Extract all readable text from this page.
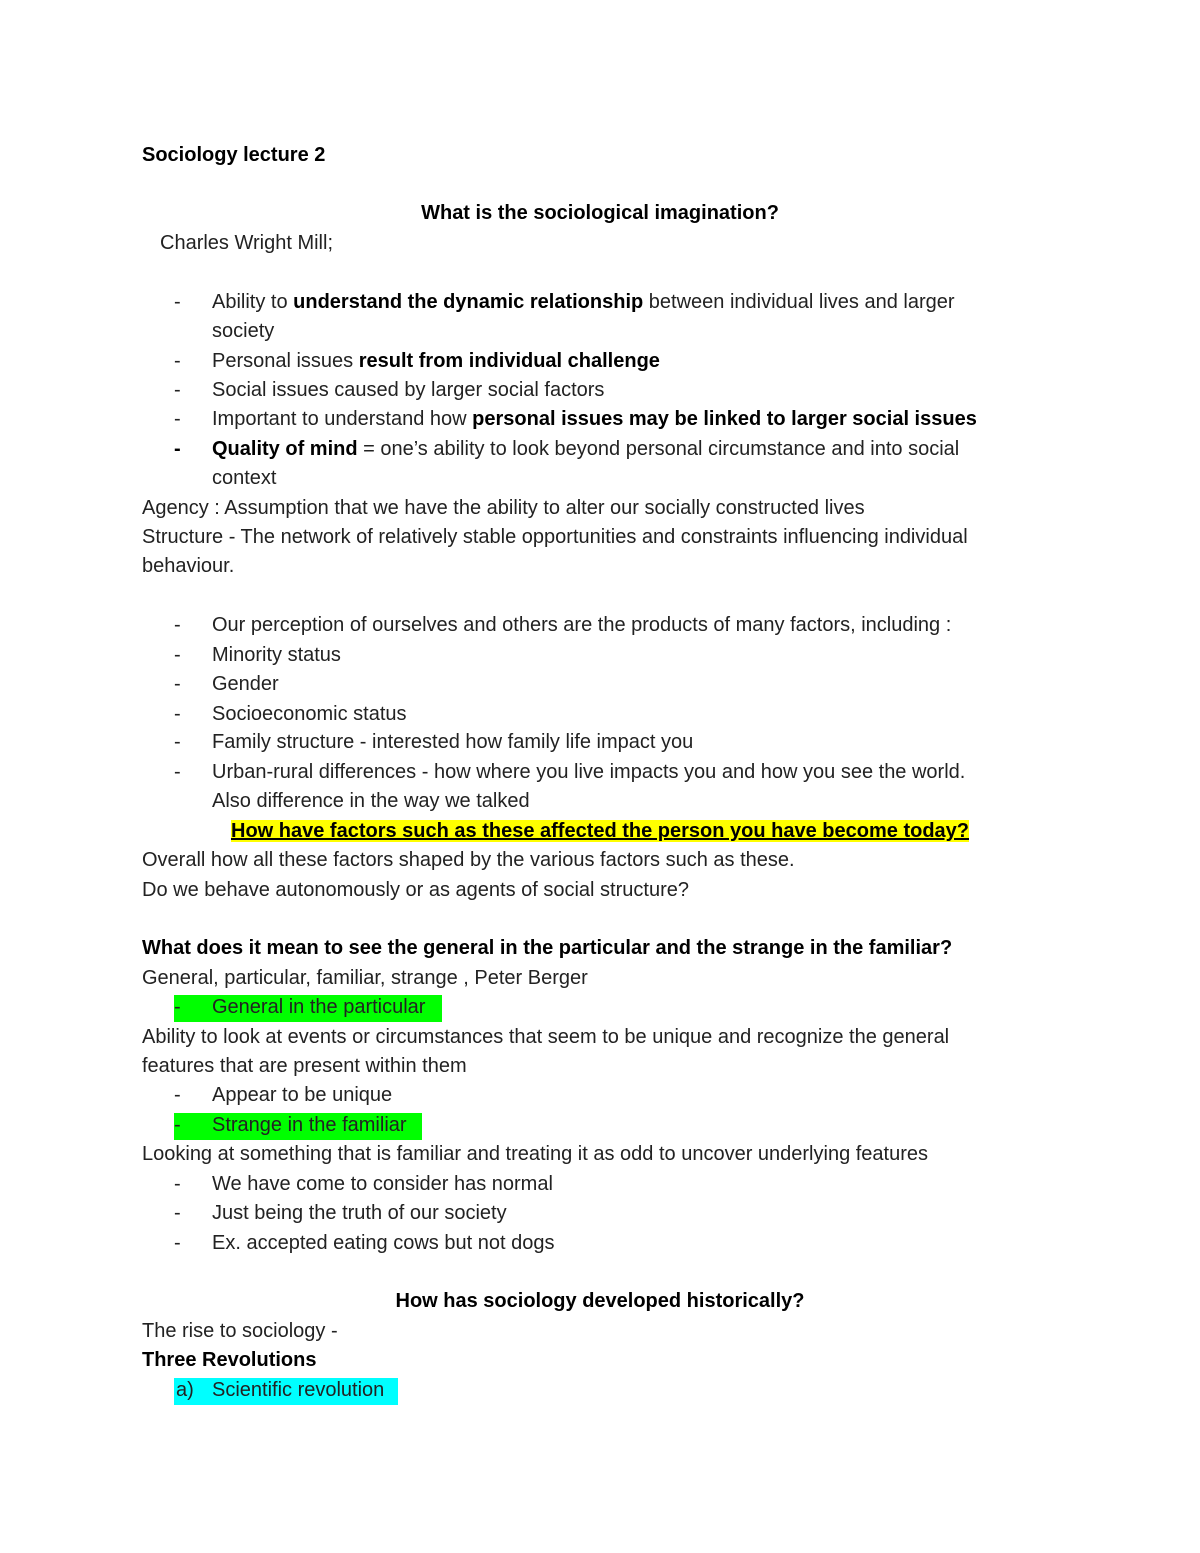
Sociology lecture 2
What is the sociological imagination?
Charles Wright Mill;
-	Ability to understand the dynamic relationship between individual lives and larger
society
-	Personal issues result from individual challenge
-	Social issues caused by larger social factors
-	Important to understand how personal issues may be linked to larger social issues
-	Quality of mind = one’s ability to look beyond personal circumstance and into social
context
Agency : Assumption that we have the ability to alter our socially constructed lives
Structure - The network of relatively stable opportunities and constraints influencing individual
behaviour.
-	Our perception of ourselves and others are the products of many factors, including :
-	Minority status
-	Gender
-	Socioeconomic status
-	Family structure - interested how family life impact you
-	Urban-rural differences - how where you live impacts you and how you see the world.
Also difference in the way we talked
How have factors such as these affected the person you have become today?
Overall how all these factors shaped by the various factors such as these.
Do we behave autonomously or as agents of social structure?
What does it mean to see the general in the particular and the strange in the familiar?
General, particular, familiar, strange , Peter Berger
-	General in the particular
Ability to look at events or circumstances that seem to be unique and recognize the general
features that are present within them
-	Appear to be unique
-	Strange in the familiar
Looking at something that is familiar and treating it as odd to uncover underlying features
-	We have come to consider has normal
-	Just being the truth of our society
-	Ex. accepted eating cows but not dogs
How has sociology developed historically?
The rise to sociology -
Three Revolutions
a) Scientific revolution
